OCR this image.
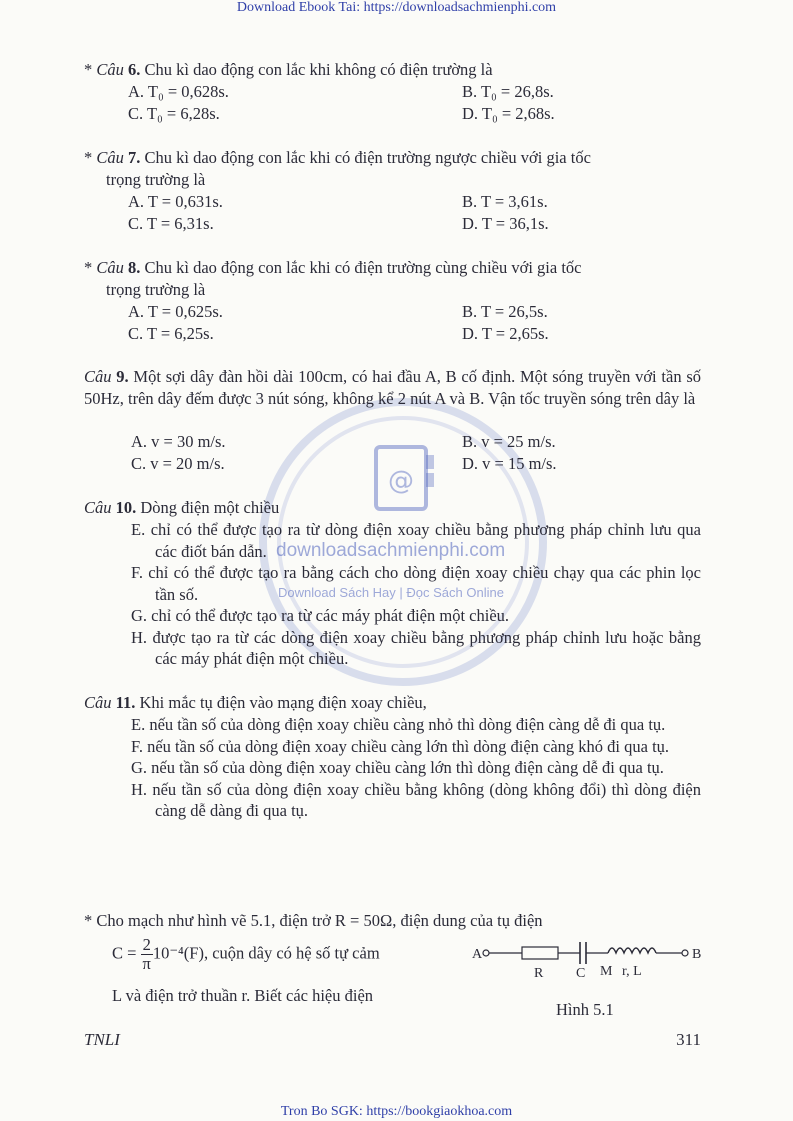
Download Ebook Tai: https://downloadsachmienphi.com
@
downloadsachmienphi.com
Download Sách Hay | Đọc Sách Online
* Câu 6. Chu kì dao động con lắc khi không có điện trường là
A. T₀ = 0,628s.	B. T₀ = 26,8s.
C. T₀ = 6,28s.	D. T₀ = 2,68s.
* Câu 7. Chu kì dao động con lắc khi có điện trường ngược chiều với gia tốc
trọng trường là
A. T = 0,631s.	B. T = 3,61s.
C. T = 6,31s.	D. T = 36,1s.
* Câu 8. Chu kì dao động con lắc khi có điện trường cùng chiều với gia tốc
trọng trường là
A. T = 0,625s.	B. T = 26,5s.
C. T = 6,25s.	D. T = 2,65s.
Câu 9. Một sợi dây đàn hồi dài 100cm, có hai đầu A, B cố định. Một sóng truyền với tần số 50Hz, trên dây đếm được 3 nút sóng, không kể 2 nút A và B. Vận tốc truyền sóng trên dây là
A. v = 30 m/s.	B. v = 25 m/s.
C. v = 20 m/s.	D. v = 15 m/s.
Câu 10. Dòng điện một chiều
E. chỉ có thể được tạo ra từ dòng điện xoay chiều bằng phương pháp chỉnh lưu qua các điốt bán dẫn.
F. chỉ có thể được tạo ra bằng cách cho dòng điện xoay chiều chạy qua các phin lọc tần số.
G. chỉ có thể được tạo ra từ các máy phát điện một chiều.
H. được tạo ra từ các dòng điện xoay chiều bằng phương pháp chỉnh lưu hoặc bằng các máy phát điện một chiều.
Câu 11. Khi mắc tụ điện vào mạng điện xoay chiều,
E. nếu tần số của dòng điện xoay chiều càng nhỏ thì dòng điện càng dễ đi qua tụ.
F. nếu tần số của dòng điện xoay chiều càng lớn thì dòng điện càng khó đi qua tụ.
G. nếu tần số của dòng điện xoay chiều càng lớn thì dòng điện càng dễ đi qua tụ.
H. nếu tần số của dòng điện xoay chiều bằng không (dòng không đổi) thì dòng điện càng dễ dàng đi qua tụ.
* Cho mạch như hình vẽ 5.1, điện trở R = 50Ω, điện dung của tụ điện
$C = \frac{2}{\pi} 10^{-4}(F)$, cuộn dây có hệ số tự cảm
L và điện trở thuần r. Biết các hiệu điện
A	B
R C M r, L
Hình 5.1
TNLI	311
Tron Bo SGK: https://bookgiaokhoa.com
